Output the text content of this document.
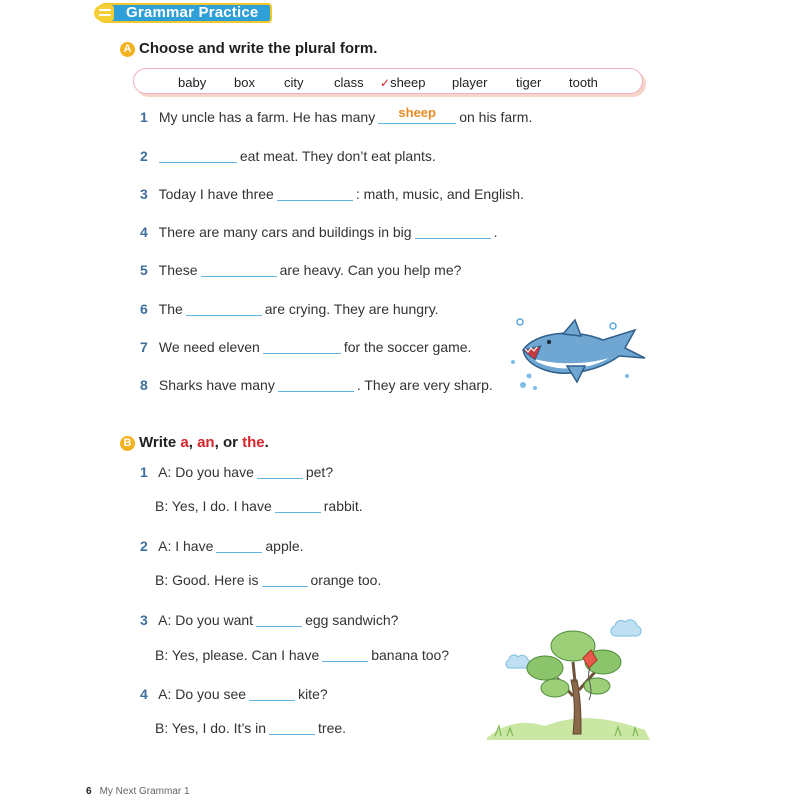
Grammar Practice
A Choose and write the plural form.
baby box city class ✓sheep player tiger tooth
1 My uncle has a farm. He has many	sheep	on his farm.
2	eat meat. They don’t eat plants.
3 Today I have three	: math, music, and English.
4 There are many cars and buildings in big	.
5 These	are heavy. Can you help me?
6 The	are crying. They are hungry.
7 We need eleven	for the soccer game.
8 Sharks have many	. They are very sharp.
B Write a, an, or the.
1 A: Do you have	pet?
B: Yes, I do. I have	rabbit.
2 A: I have	apple.
B: Good. Here is	orange too.
3 A: Do you want	egg sandwich?
B: Yes, please. Can I have	banana too?
4 A: Do you see	kite?
B: Yes, I do. It’s in	tree.
6 My Next Grammar 1
